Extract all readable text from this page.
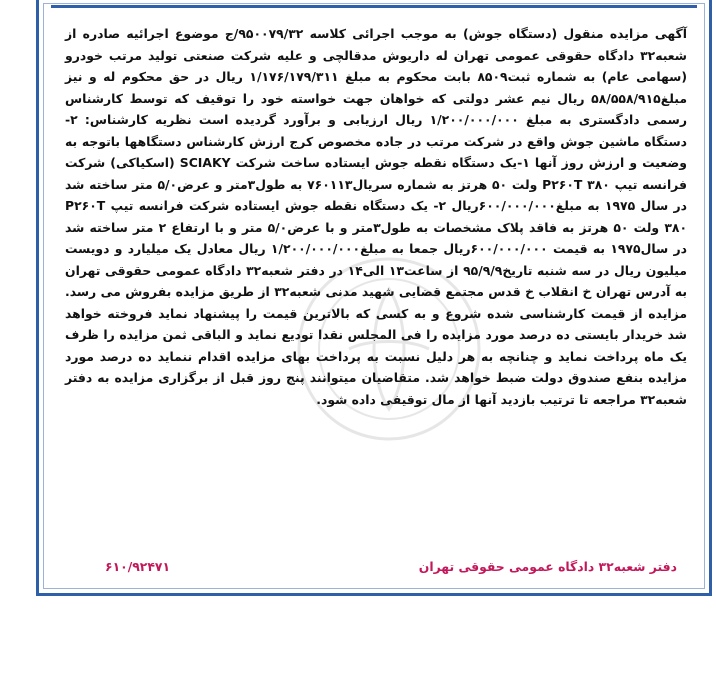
آگهی مزایده منقول (دستگاه جوش) به موجب اجرائی کلاسه ۹۵۰۰۷۹/۳۲/ج موضوع اجرائیه صادره از شعبه۳۲ دادگاه حقوقی عمومی تهران له داریوش مدقالچی و علیه شرکت صنعتی تولید مرتب خودرو (سهامی عام) به شماره ثبت۸۵۰۹ بابت محکوم به مبلغ ۱/۱۷۶/۱۷۹/۳۱۱ ریال در حق محکوم له و نیز مبلغ۵۸/۵۵۸/۹۱۵ ریال نیم عشر دولتی که خواهان جهت خواسته خود را توقیف که توسط کارشناس رسمی دادگستری به مبلغ ۱/۲۰۰/۰۰۰/۰۰۰ ریال ارزیابی و برآورد گردیده است نظریه کارشناس: ۲-دستگاه ماشین جوش واقع در شرکت مرتب در جاده مخصوص کرج ارزش کارشناس دستگاهها باتوجه به وضعیت و ارزش روز آنها ۱-یک دستگاه نقطه جوش ایستاده ساخت شرکت SCIAKY (اسکیاکی) شرکت فرانسه تیپ P۲۶۰T ۳۸۰ ولت ۵۰ هرتز به شماره سریال۷۶۰۱۱۳ به طول۳متر و عرض۵/۰ متر ساخته شد در سال ۱۹۷۵ به مبلغ۶۰۰/۰۰۰/۰۰۰ریال ۲- یک دستگاه نقطه جوش ایستاده شرکت فرانسه تیپ P۲۶۰T ۳۸۰ ولت ۵۰ هرتز به فاقد پلاک مشخصات به طول۳متر و با عرض۵/۰ متر و با ارتفاع ۲ متر ساخته شد در سال۱۹۷۵ به قیمت ۶۰۰/۰۰۰/۰۰۰ریال جمعا به مبلغ۱/۲۰۰/۰۰۰/۰۰۰ ریال معادل یک میلیارد و دویست میلیون ریال در سه شنبه تاریخ۹۵/۹/۹ از ساعت۱۳ الی۱۴ در دفتر شعبه۳۲ دادگاه عمومی حقوقی تهران به آدرس تهران خ انقلاب خ قدس مجتمع قضایی شهید مدنی شعبه۳۲ از طریق مزایده بفروش می رسد. مزایده از قیمت کارشناسی شده شروع و به کسی که بالاترین قیمت را پیشنهاد نماید فروخته خواهد شد خریدار بایستی ده درصد مورد مزایده را فی المجلس نقدا تودیع نماید و الباقی ثمن مزایده را ظرف یک ماه پرداخت نماید و چنانچه به هر دلیل نسبت به پرداخت بهای مزایده اقدام ننماید ده درصد مورد مزایده بنفع صندوق دولت ضبط خواهد شد. متقاضیان میتوانند پنج روز قبل از برگزاری مزایده به دفتر شعبه۳۲ مراجعه تا ترتیب بازدید آنها از مال توقیفی داده شود.

دفتر شعبه۳۲ دادگاه عمومی حقوقی تهران
۶۱۰/۹۲۴۷۱
